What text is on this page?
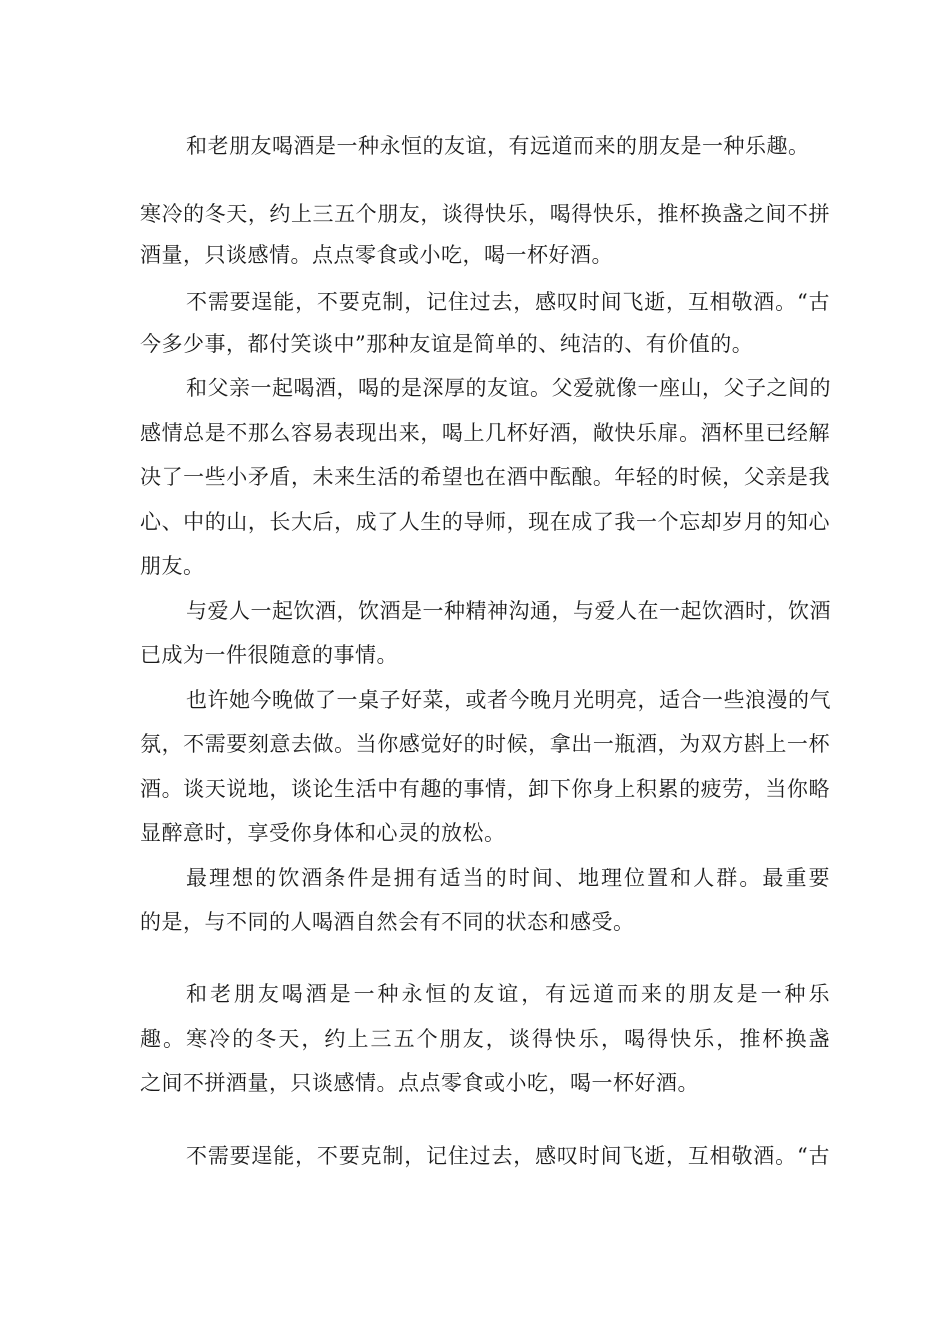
和老朋友喝酒是一种永恒的友谊，有远道而来的朋友是一种乐趣。
寒冷的冬天，约上三五个朋友，谈得快乐，喝得快乐，推杯换盏之间不拼
酒量，只谈感情。点点零食或小吃，喝一杯好酒。
不需要逞能，不要克制，记住过去，感叹时间飞逝，互相敬酒。“古
今多少事，都付笑谈中”那种友谊是简单的、纯洁的、有价值的。
和父亲一起喝酒，喝的是深厚的友谊。父爱就像一座山，父子之间的
感情总是不那么容易表现出来，喝上几杯好酒，敞快乐扉。酒杯里已经解
决了一些小矛盾，未来生活的希望也在酒中酝酿。年轻的时候，父亲是我
心、中的山，长大后，成了人生的导师，现在成了我一个忘却岁月的知心
朋友。
与爱人一起饮酒，饮酒是一种精神沟通，与爱人在一起饮酒时，饮酒
已成为一件很随意的事情。
也许她今晚做了一桌子好菜，或者今晚月光明亮，适合一些浪漫的气
氛，不需要刻意去做。当你感觉好的时候，拿出一瓶酒，为双方斟上一杯
酒。谈天说地，谈论生活中有趣的事情，卸下你身上积累的疲劳，当你略
显醉意时，享受你身体和心灵的放松。
最理想的饮酒条件是拥有适当的时间、地理位置和人群。最重要
的是，与不同的人喝酒自然会有不同的状态和感受。
和老朋友喝酒是一种永恒的友谊，有远道而来的朋友是一种乐
趣。寒冷的冬天，约上三五个朋友，谈得快乐，喝得快乐，推杯换盏
之间不拼酒量，只谈感情。点点零食或小吃，喝一杯好酒。
不需要逞能，不要克制，记住过去，感叹时间飞逝，互相敬酒。“古
